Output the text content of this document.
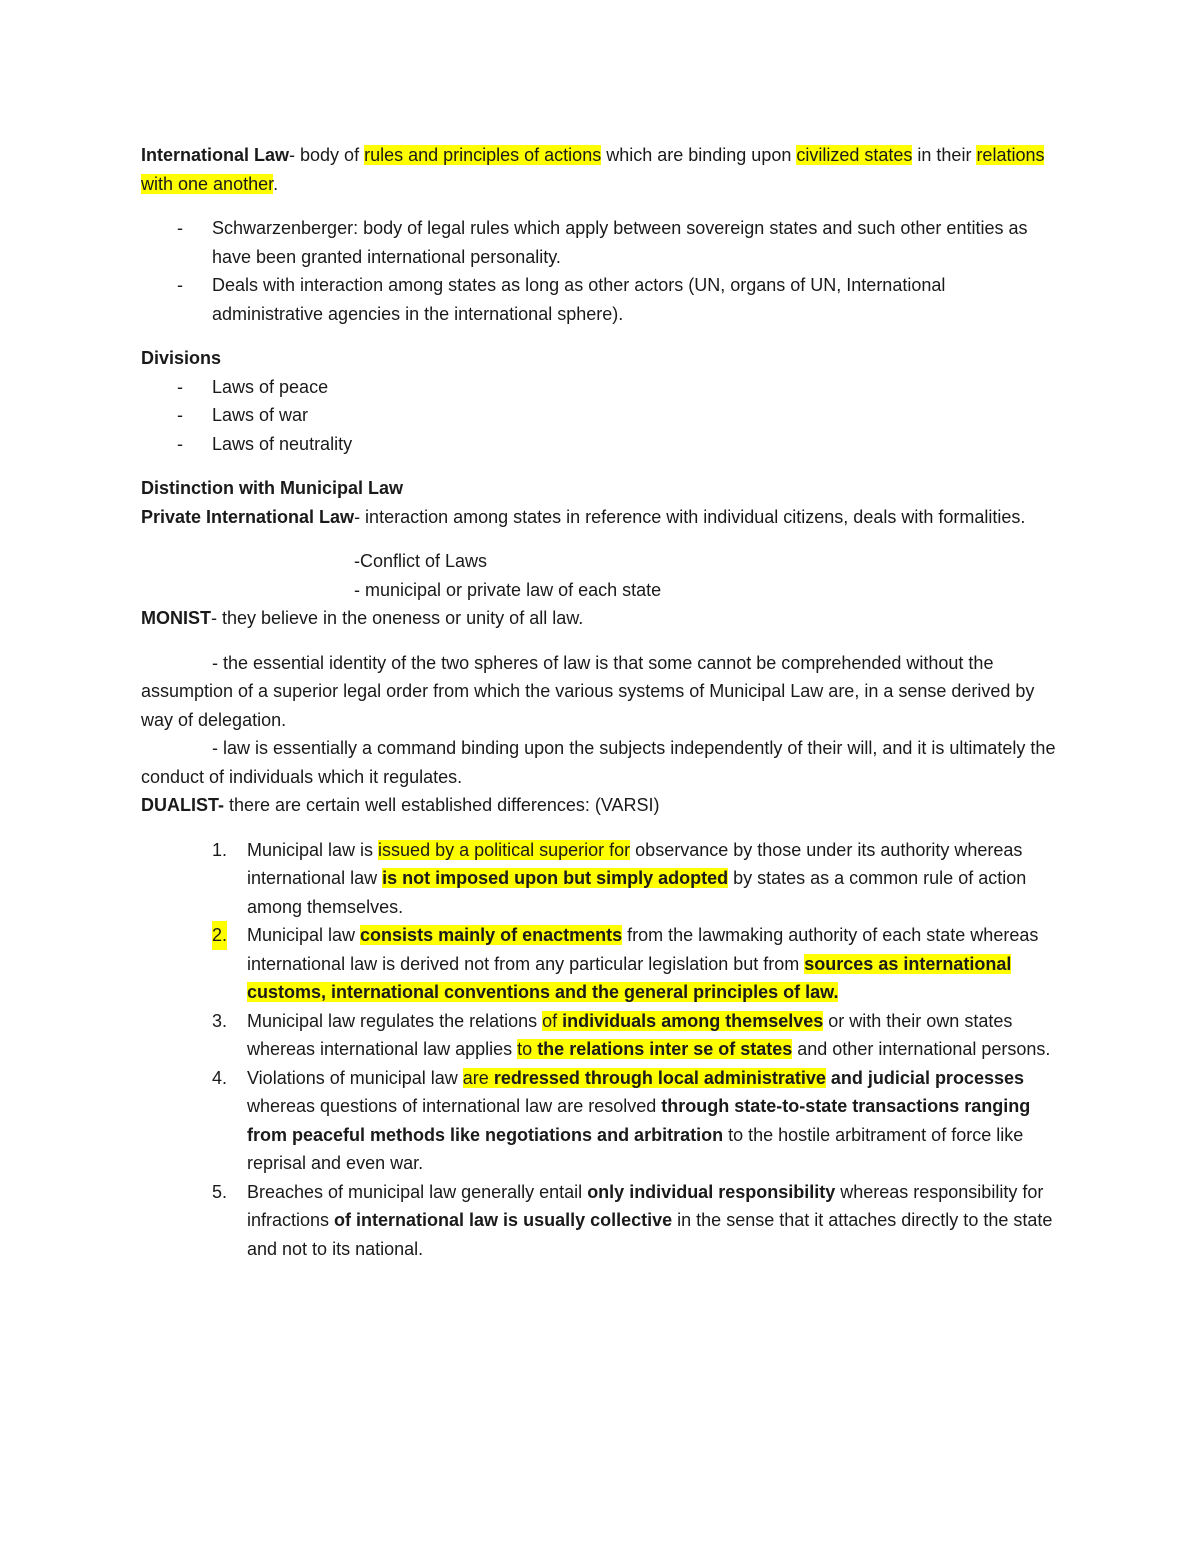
International Law- body of rules and principles of actions which are binding upon civilized states in their relations with one another.

- Schwarzenberger: body of legal rules which apply between sovereign states and such other entities as have been granted international personality.
- Deals with interaction among states as long as other actors (UN, organs of UN, International administrative agencies in the international sphere).

Divisions

- Laws of peace
- Laws of war
- Laws of neutrality

Distinction with Municipal Law

Private International Law- interaction among states in reference with individual citizens, deals with formalities.

-Conflict of Laws

- municipal or private law of each state

MONIST- they believe in the oneness or unity of all law.

- the essential identity of the two spheres of law is that some cannot be comprehended without the assumption of a superior legal order from which the various systems of Municipal Law are, in a sense derived by way of delegation.

- law is essentially a command binding upon the subjects independently of their will, and it is ultimately the conduct of individuals which it regulates.

DUALIST- there are certain well established differences: (VARSI)

1. Municipal law is issued by a political superior for observance by those under its authority whereas international law is not imposed upon but simply adopted by states as a common rule of action among themselves.
2. Municipal law consists mainly of enactments from the lawmaking authority of each state whereas international law is derived not from any particular legislation but from sources as international customs, international conventions and the general principles of law.
3. Municipal law regulates the relations of individuals among themselves or with their own states whereas international law applies to the relations inter se of states and other international persons.
4. Violations of municipal law are redressed through local administrative and judicial processes whereas questions of international law are resolved through state-to-state transactions ranging from peaceful methods like negotiations and arbitration to the hostile arbitrament of force like reprisal and even war.
5. Breaches of municipal law generally entail only individual responsibility whereas responsibility for infractions of international law is usually collective in the sense that it attaches directly to the state and not to its national.
